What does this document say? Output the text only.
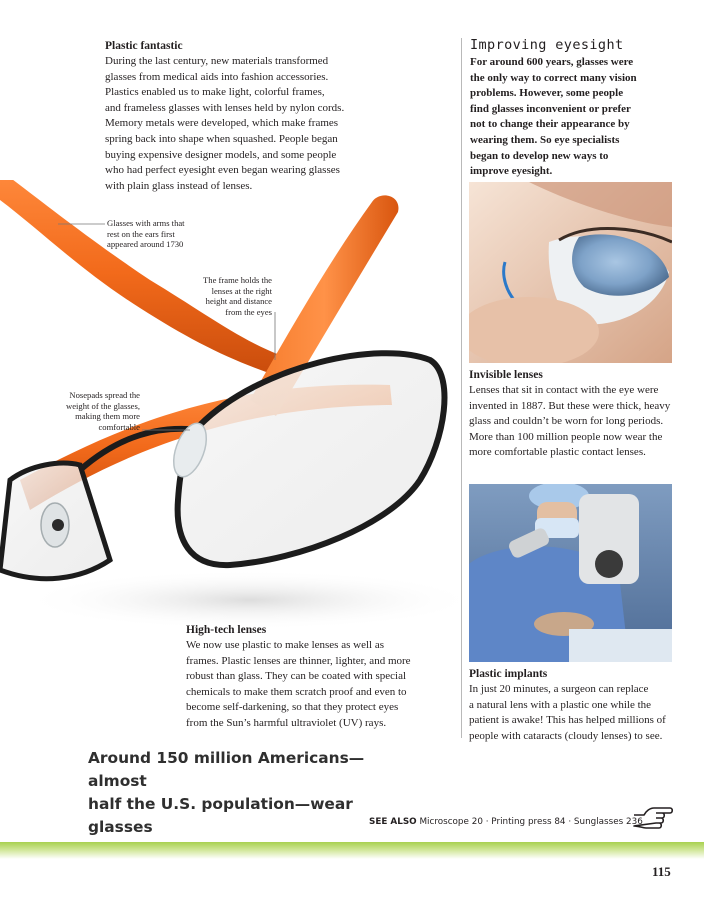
Plastic fantastic
During the last century, new materials transformed
glasses from medical aids into fashion accessories.
Plastics enabled us to make light, colorful frames,
and frameless glasses with lenses held by nylon cords.
Memory metals were developed, which make frames
spring back into shape when squashed. People began
buying expensive designer models, and some people
who had perfect eyesight even began wearing glasses
with plain glass instead of lenses.
Glasses with arms that
rest on the ears first
appeared around 1730
The frame holds the
lenses at the right
height and distance
from the eyes
Nosepads spread the
weight of the glasses,
making them more
comfortable
High-tech lenses
We now use plastic to make lenses as well as
frames. Plastic lenses are thinner, lighter, and more
robust than glass. They can be coated with special
chemicals to make them scratch proof and even to
become self-darkening, so that they protect eyes
from the Sun’s harmful ultraviolet (UV) rays.
Improving eyesight
For around 600 years, glasses were
the only way to correct many vision
problems. However, some people
find glasses inconvenient or prefer
not to change their appearance by
wearing them. So eye specialists
began to develop new ways to
improve eyesight.
Invisible lenses
Lenses that sit in contact with the eye were
invented in 1887. But these were thick, heavy
glass and couldn’t be worn for long periods.
More than 100 million people now wear the
more comfortable plastic contact lenses.
Plastic implants
In just 20 minutes, a surgeon can replace
a natural lens with a plastic one while the
patient is awake! This has helped millions of
people with cataracts (cloudy lenses) to see.
Around 150 million Americans—almost
half the U.S. population—wear glasses	SEE ALSO Microscope 20 · Printing press 84 · Sunglasses 236
115
